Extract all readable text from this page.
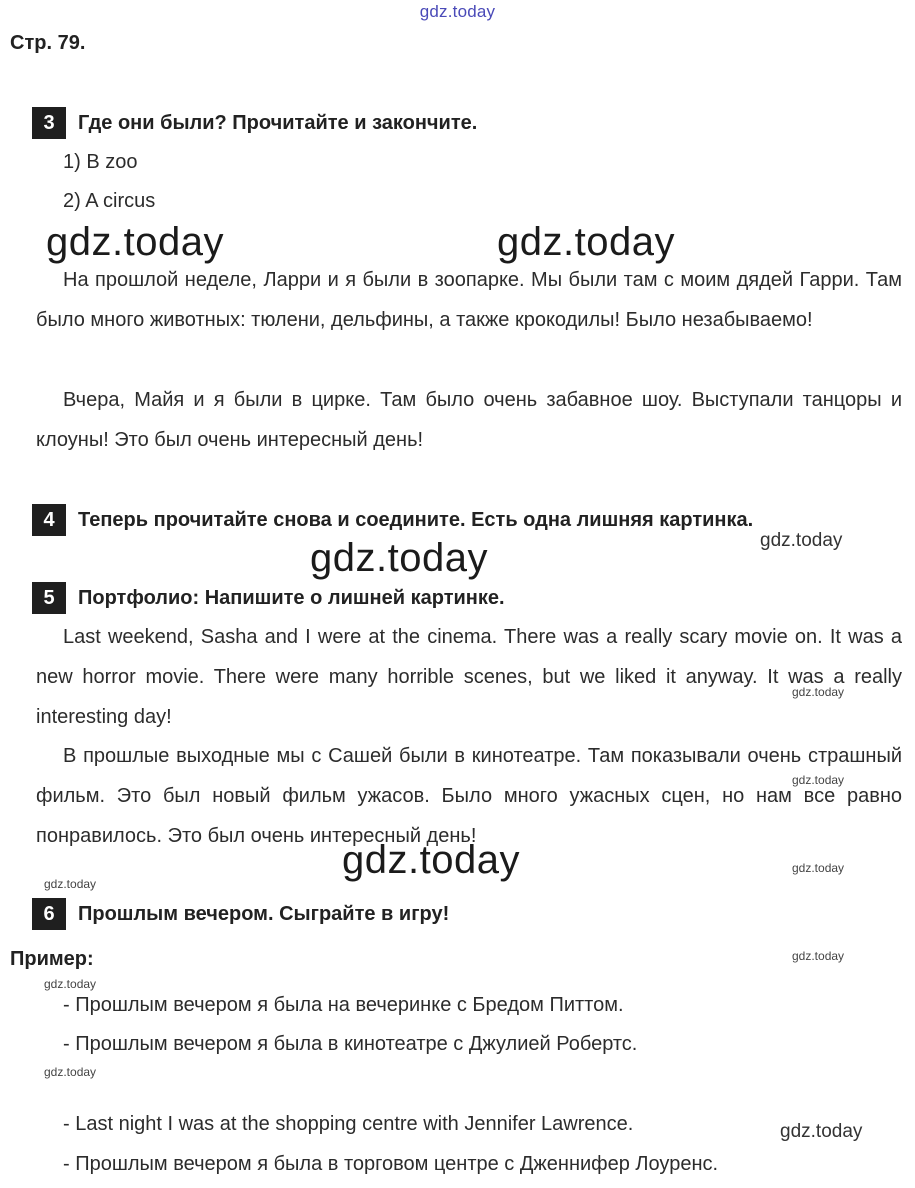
gdz.today
Стр. 79.
3	Где они были? Прочитайте и закончите.
1) В zoo
2) A circus
gdz.today	gdz.today
На прошлой неделе, Ларри и я были в зоопарке. Мы были там с моим дядей Гарри. Там было много животных: тюлени, дельфины, а также крокодилы! Было незабываемо!
Вчера, Майя и я были в цирке. Там было очень забавное шоу. Выступали танцоры и клоуны! Это был очень интересный день!
4	Теперь прочитайте снова и соедините. Есть одна лишняя картинка.
gdz.today
gdz.today
5	Портфолио: Напишите о лишней картинке.
Last weekend, Sasha and I were at the cinema. There was a really scary movie on. It was a new horror movie. There were many horrible scenes, but we liked it anyway. It was a really interesting day!
gdz.today
В прошлые выходные мы с Сашей были в кинотеатре. Там показывали очень страшный фильм. Это был новый фильм ужасов. Было много ужасных сцен, но нам все равно понравилось. Это был очень интересный день!
gdz.today
gdz.today	gdz.today
gdz.today
6	Прошлым вечером. Сыграйте в игру!
Пример:	gdz.today
gdz.today
- Прошлым вечером я была на вечеринке с Бредом Питтом.
- Прошлым вечером я была в кинотеатре с Джулией Робертс.
gdz.today
- Last night I was at the shopping centre with Jennifer Lawrence.	gdz.today
- Прошлым вечером я была в торговом центре с Дженнифер Лоуренс.
